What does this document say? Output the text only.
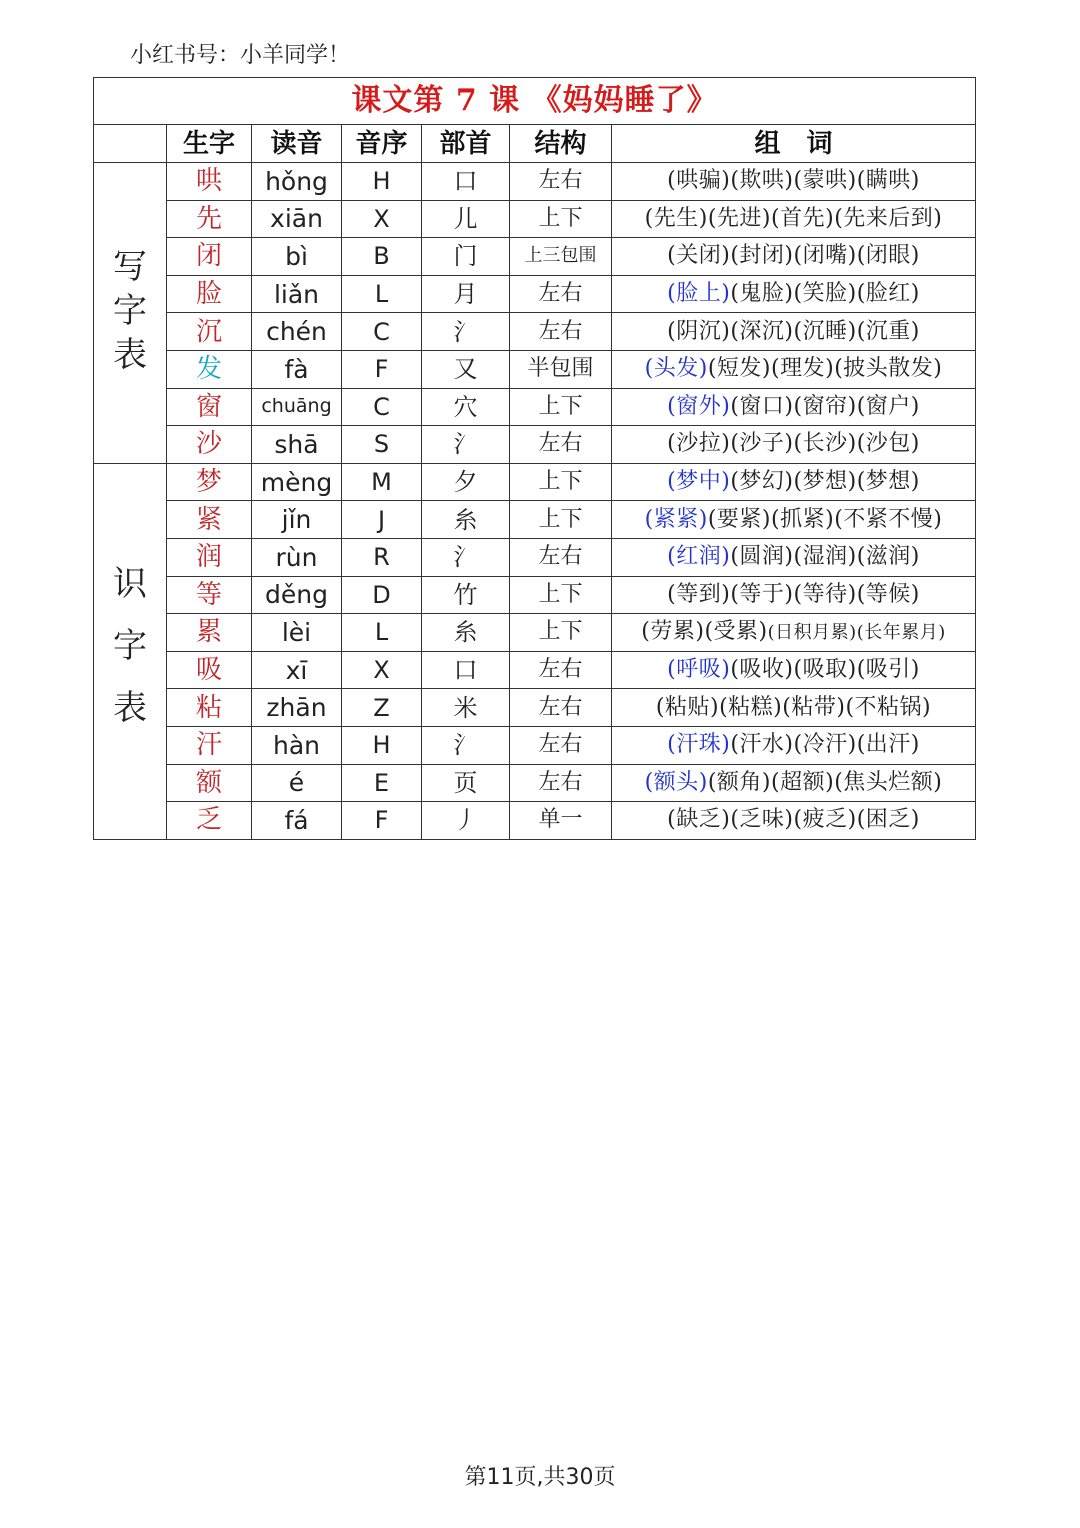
小红书号：小羊同学！
课文第 7 课 《妈妈睡了》						
	生字	读音	音序	部首	结构	组　词

写
字
表	哄	hǒng	H	口	左右	(哄骗)(欺哄)(蒙哄)(瞒哄)
	先	xiān	X	儿	上下	(先生)(先进)(首先)(先来后到)
	闭	bì	B	门	上三包围	(关闭)(封闭)(闭嘴)(闭眼)
	脸	liǎn	L	月	左右	(脸上)(鬼脸)(笑脸)(脸红)
	沉	chén	C	氵	左右	(阴沉)(深沉)(沉睡)(沉重)
	发	fà	F	又	半包围	(头发)(短发)(理发)(披头散发)
	窗	chuāng	C	穴	上下	(窗外)(窗口)(窗帘)(窗户)
	沙	shā	S	氵	左右	(沙拉)(沙子)(长沙)(沙包)

识
字
表	梦	mèng	M	夕	上下	(梦中)(梦幻)(梦想)(梦想)
	紧	jǐn	J	糸	上下	(紧紧)(要紧)(抓紧)(不紧不慢)
	润	rùn	R	氵	左右	(红润)(圆润)(湿润)(滋润)
	等	děng	D	竹	上下	(等到)(等于)(等待)(等候)
	累	lèi	L	糸	上下	(劳累)(受累)(日积月累)(长年累月)
	吸	xī	X	口	左右	(呼吸)(吸收)(吸取)(吸引)
	粘	zhān	Z	米	左右	(粘贴)(粘糕)(粘带)(不粘锅)
	汗	hàn	H	氵	左右	(汗珠)(汗水)(冷汗)(出汗)
	额	é	E	页	左右	(额头)(额角)(超额)(焦头烂额)
	乏	fá	F	丿	单一	(缺乏)(乏味)(疲乏)(困乏)
第11页,共30页
